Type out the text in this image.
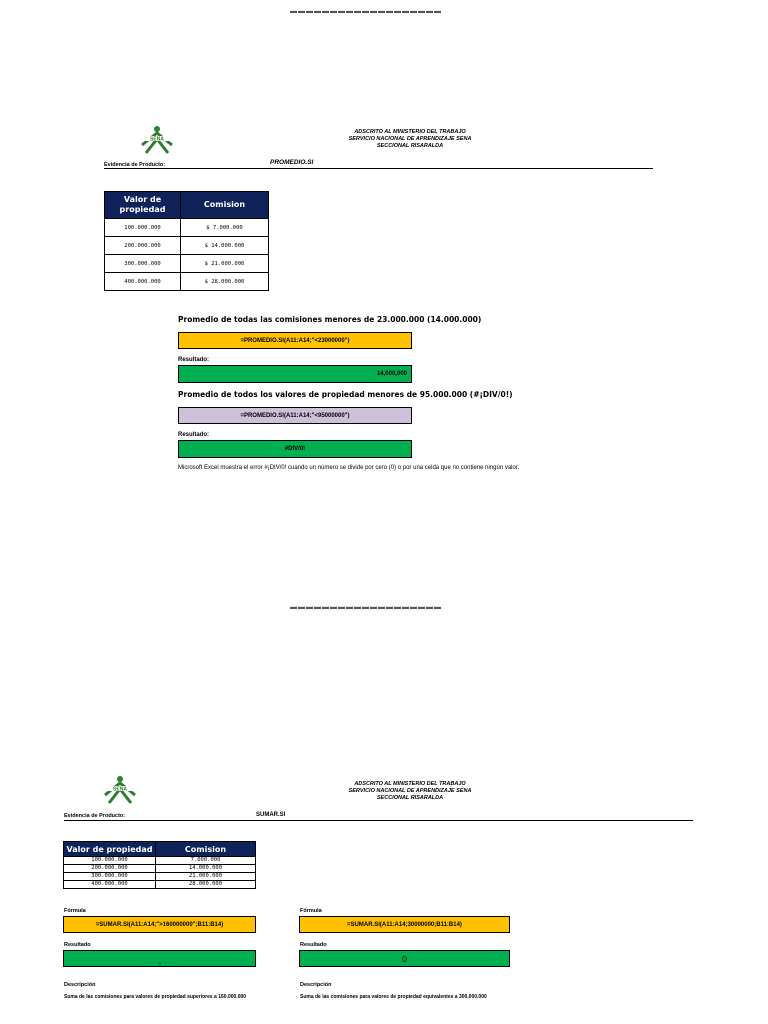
▬▬▬▬▬▬▬▬▬▬▬▬▬▬▬▬▬▬▬
SENA
ADSCRITO AL MINISTERIO DEL TRABAJO
SERVICIO NACIONAL DE APRENDIZAJE SENA
SECCIONAL RISARALDA
Evidencia de Producto:	PROMEDIO.SI
Valor de propiedad	Comision
100.000.000	$ 7.000.000
200.000.000	$ 14.000.000
300.000.000	$ 21.000.000
400.000.000	$ 28.000.000
Promedio de todas las comisiones menores de 23.000.000 (14.000.000)
=PROMEDIO.SI(A11:A14;"<23000000")
Resultado:
14,000,000
Promedio de todos los valores de propiedad menores de 95.000.000 (#¡DIV/0!)
=PROMEDIO.SI(A11:A14;"<95000000")
Resultado:
#DIV/0!
Microsoft Excel muestra el error #¡DIV/0! cuando un número se divide por cero (0) o por una celda que no contiene ningún valor.
▬▬▬▬▬▬▬▬▬▬▬▬▬▬▬▬▬▬▬
SENA
ADSCRITO AL MINISTERIO DEL TRABAJO
SERVICIO NACIONAL DE APRENDIZAJE SENA
SECCIONAL RISARALDA
Evidencia de Producto:	SUMAR.SI
Valor de propiedad	Comision
100.000.000	7.000.000
200.000.000	14.000.000
300.000.000	21.000.000
400.000.000	28.000.000
Fórmula
=SUMAR.SI(A11:A14;">160000000";B11:B14)
Resultado
0
Descripción
Suma de las comisiones para valores de propiedad superiores a 160.000.000
Fórmula
=SUMAR.SI(A11:A14;30000000;B11:B14)
Resultado
0
Descripción
Suma de las comisiones para valores de propiedad equivalentes a 300.000.000
